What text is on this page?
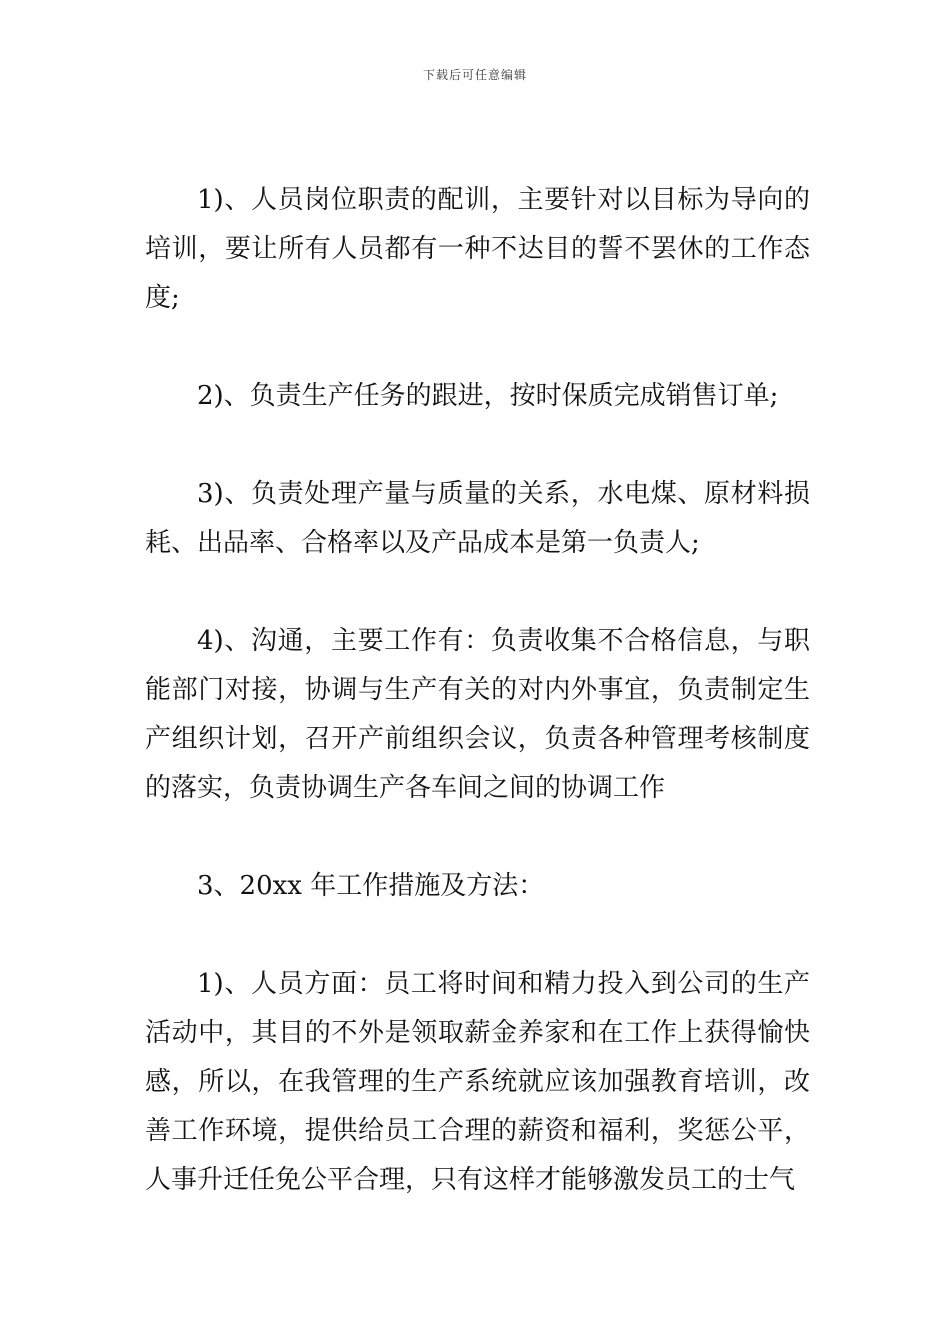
下载后可任意编辑

1)、人员岗位职责的配训，主要针对以目标为导向的培训，要让所有人员都有一种不达目的誓不罢休的工作态度;

2)、负责生产任务的跟进，按时保质完成销售订单;

3)、负责处理产量与质量的关系，水电煤、原材料损耗、出品率、合格率以及产品成本是第一负责人;

4)、沟通，主要工作有：负责收集不合格信息，与职能部门对接，协调与生产有关的对内外事宜，负责制定生产组织计划，召开产前组织会议，负责各种管理考核制度的落实，负责协调生产各车间之间的协调工作

3、20xx 年工作措施及方法：

1)、人员方面：员工将时间和精力投入到公司的生产活动中，其目的不外是领取薪金养家和在工作上获得愉快感，所以，在我管理的生产系统就应该加强教育培训，改善工作环境，提供给员工合理的薪资和福利，奖惩公平，人事升迁任免公平合理，只有这样才能够激发员工的士气
